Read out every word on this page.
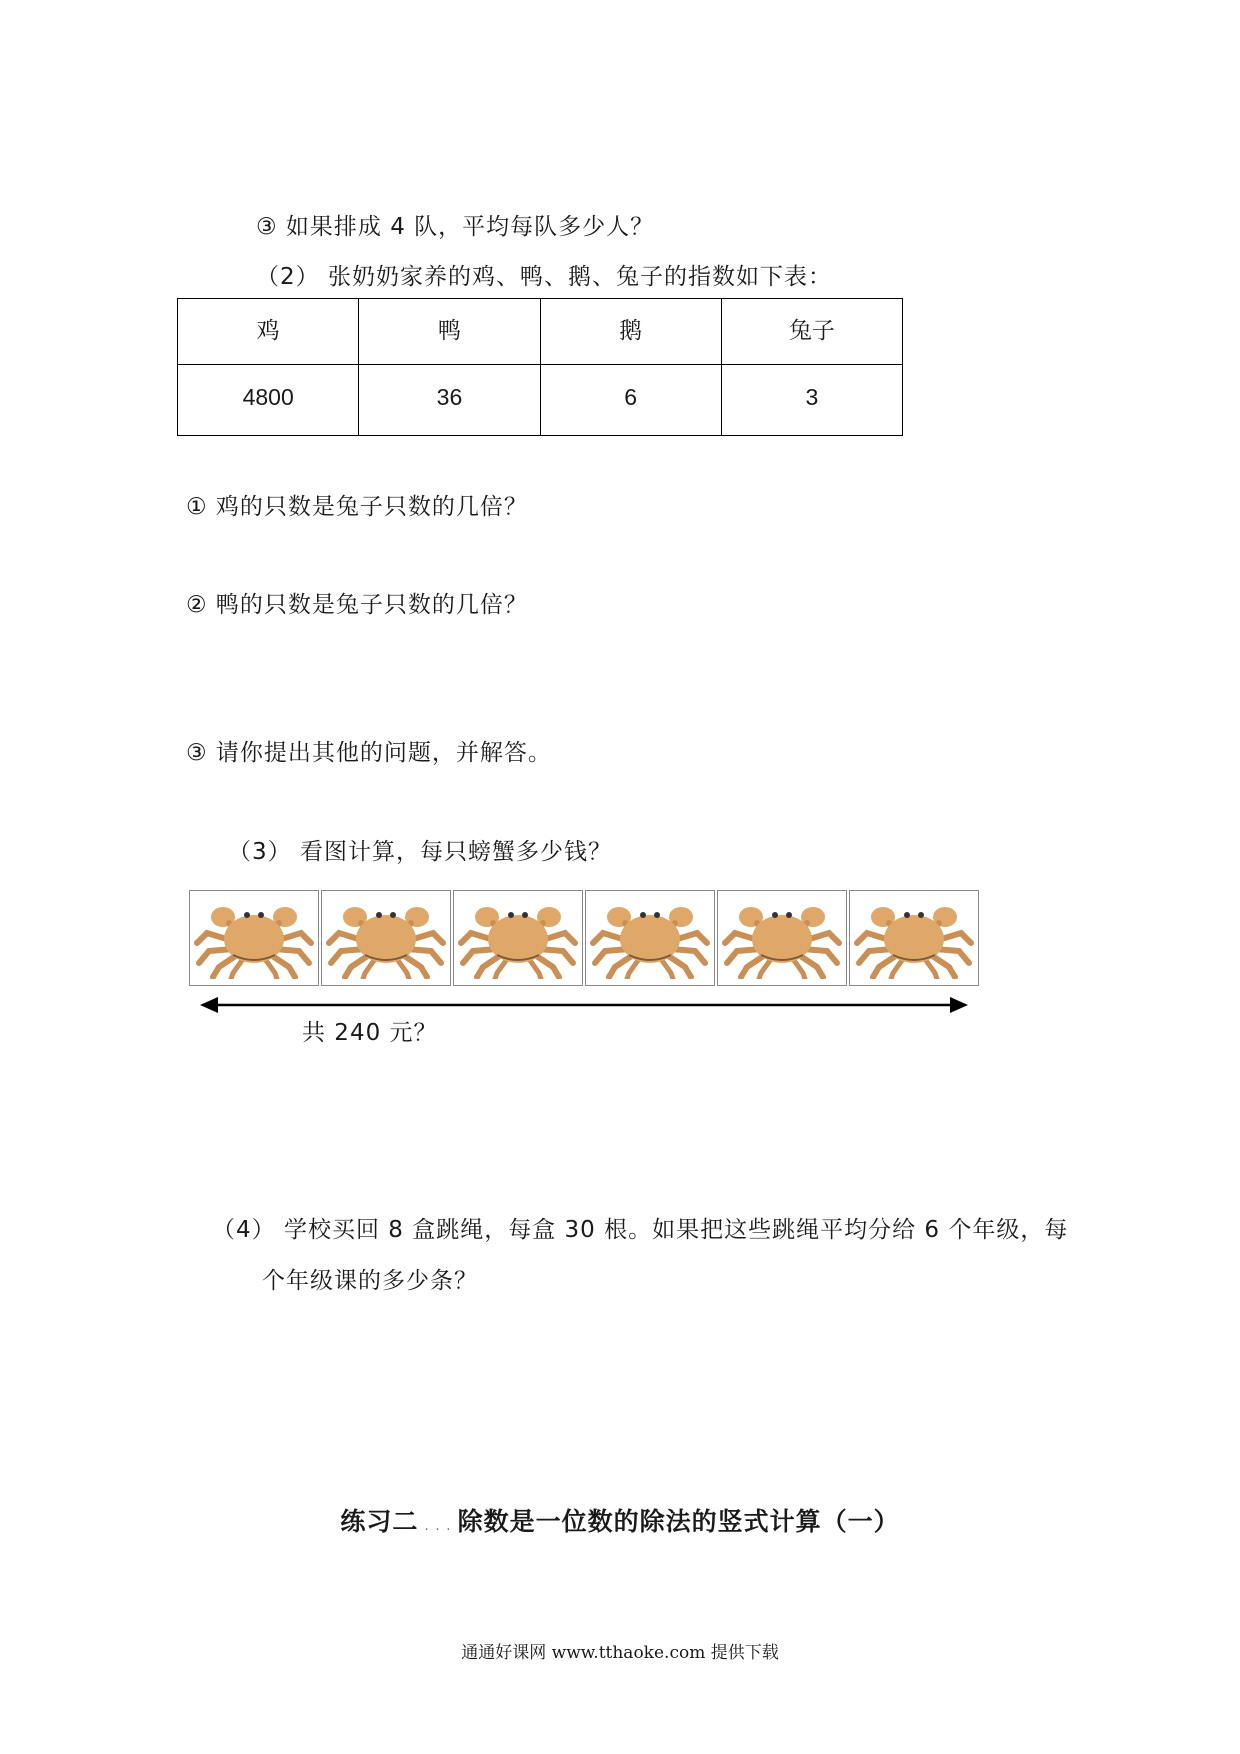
③ 如果排成 4 队，平均每队多少人？
（2） 张奶奶家养的鸡、鸭、鹅、兔子的指数如下表：
鸡	鸭	鹅	兔子
4800	36	6	3
① 鸡的只数是兔子只数的几倍？
② 鸭的只数是兔子只数的几倍？
③ 请你提出其他的问题，并解答。
（3） 看图计算，每只螃蟹多少钱？
共 240 元？
（4） 学校买回 8 盒跳绳，每盒 30 根。如果把这些跳绳平均分给 6 个年级，每
个年级课的多少条？
练习二 . . . 除数是一位数的除法的竖式计算（一）
通通好课网 www.tthaoke.com 提供下载
